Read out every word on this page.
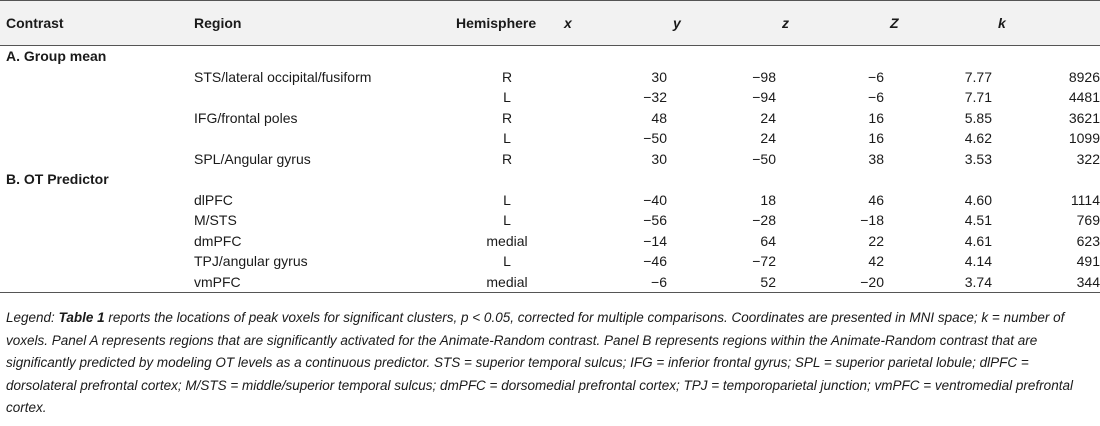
Contrast	Region	Hemisphere	x	y	z	Z	k
A. Group mean							
	STS/lateral occipital/fusiform	R	30	−98	−6	7.77	8926
		L	−32	−94	−6	7.71	4481
	IFG/frontal poles	R	48	24	16	5.85	3621
		L	−50	24	16	4.62	1099
	SPL/Angular gyrus	R	30	−50	38	3.53	322
B. OT Predictor							
	dlPFC	L	−40	18	46	4.60	1114
	M/STS	L	−56	−28	−18	4.51	769
	dmPFC	medial	−14	64	22	4.61	623
	TPJ/angular gyrus	L	−46	−72	42	4.14	491
	vmPFC	medial	−6	52	−20	3.74	344
Legend: Table 1 reports the locations of peak voxels for significant clusters, p < 0.05, corrected for multiple comparisons. Coordinates are presented in MNI space; k = number of voxels. Panel A represents regions that are significantly activated for the Animate-Random contrast. Panel B represents regions within the Animate-Random contrast that are significantly predicted by modeling OT levels as a continuous predictor. STS = superior temporal sulcus; IFG = inferior frontal gyrus; SPL = superior parietal lobule; dlPFC = dorsolateral prefrontal cortex; M/STS = middle/superior temporal sulcus; dmPFC = dorsomedial prefrontal cortex; TPJ = temporoparietal junction; vmPFC = ventromedial prefrontal cortex.
